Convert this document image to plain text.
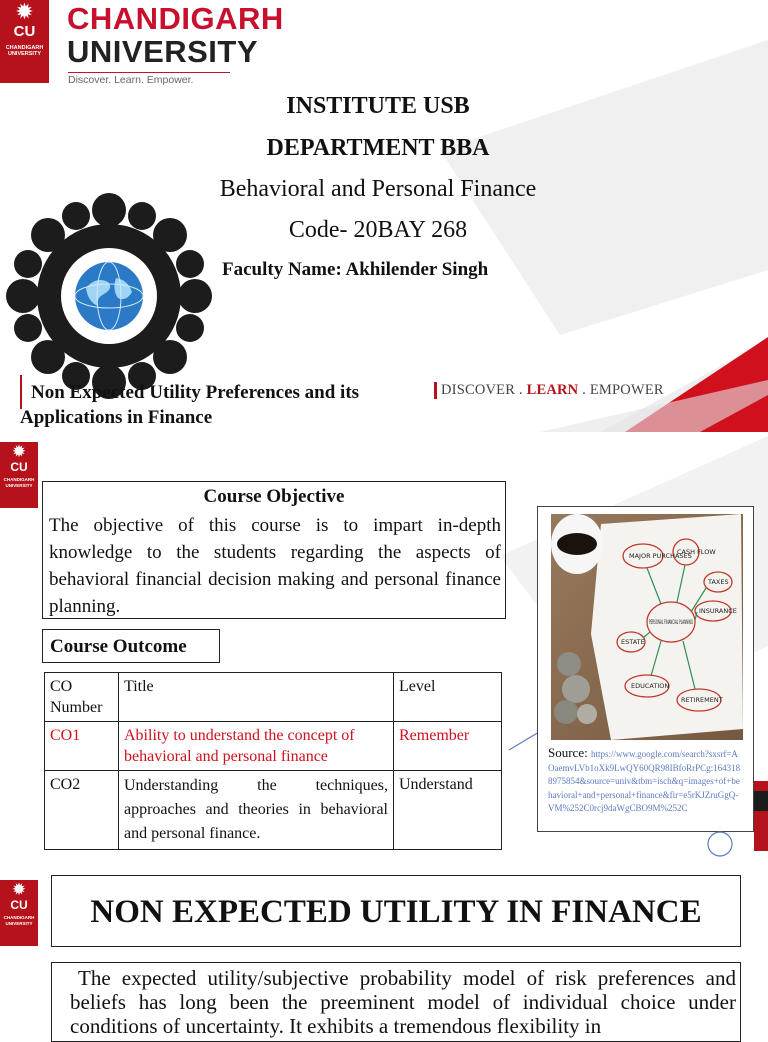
✹
CU
CHANDIGARH
UNIVERSITY
CHANDIGARH
UNIVERSITY
Discover. Learn. Empower.
INSTITUTE USB
DEPARTMENT BBA
Behavioral and Personal Finance
Code- 20BAY 268
Faculty Name: Akhilender Singh
Non Expected Utility Preferences and its Applications in Finance
DISCOVER . LEARN . EMPOWER
✹
CU
CHANDIGARH
UNIVERSITY
Course Objective
The objective of this course is to impart in-depth knowledge to the students regarding the aspects of behavioral financial decision making and personal finance planning.
Course Outcome
CO Number	Title	Level
CO1	Ability to understand the concept of behavioral and personal finance	Remember
CO2	Understanding the techniques, approaches and theories in behavioral and personal finance.	Understand
MAJOR PURCHASES
CASH FLOW
TAXES
INSURANCE
ESTATE
EDUCATION
RETIREMENT
PERSONAL FINANCIAL PLANNING
Source: https://www.google.com/search?sxsrf=AOaemvLVb1oXk9LwQY60QR98IBfoRrPCg:1643188975854&source=univ&tbm=isch&q=images+of+behavioral+and+personal+finance&fir=e5rKJZruGgQ-VM%252C0rcj9daWgCBO9M%252C
✹
CU
CHANDIGARH
UNIVERSITY	NON EXPECTED UTILITY IN FINANCE
The expected utility/subjective probability model of risk preferences and beliefs has long been the preeminent model of individual choice under conditions of uncertainty. It exhibits a tremendous flexibility in
